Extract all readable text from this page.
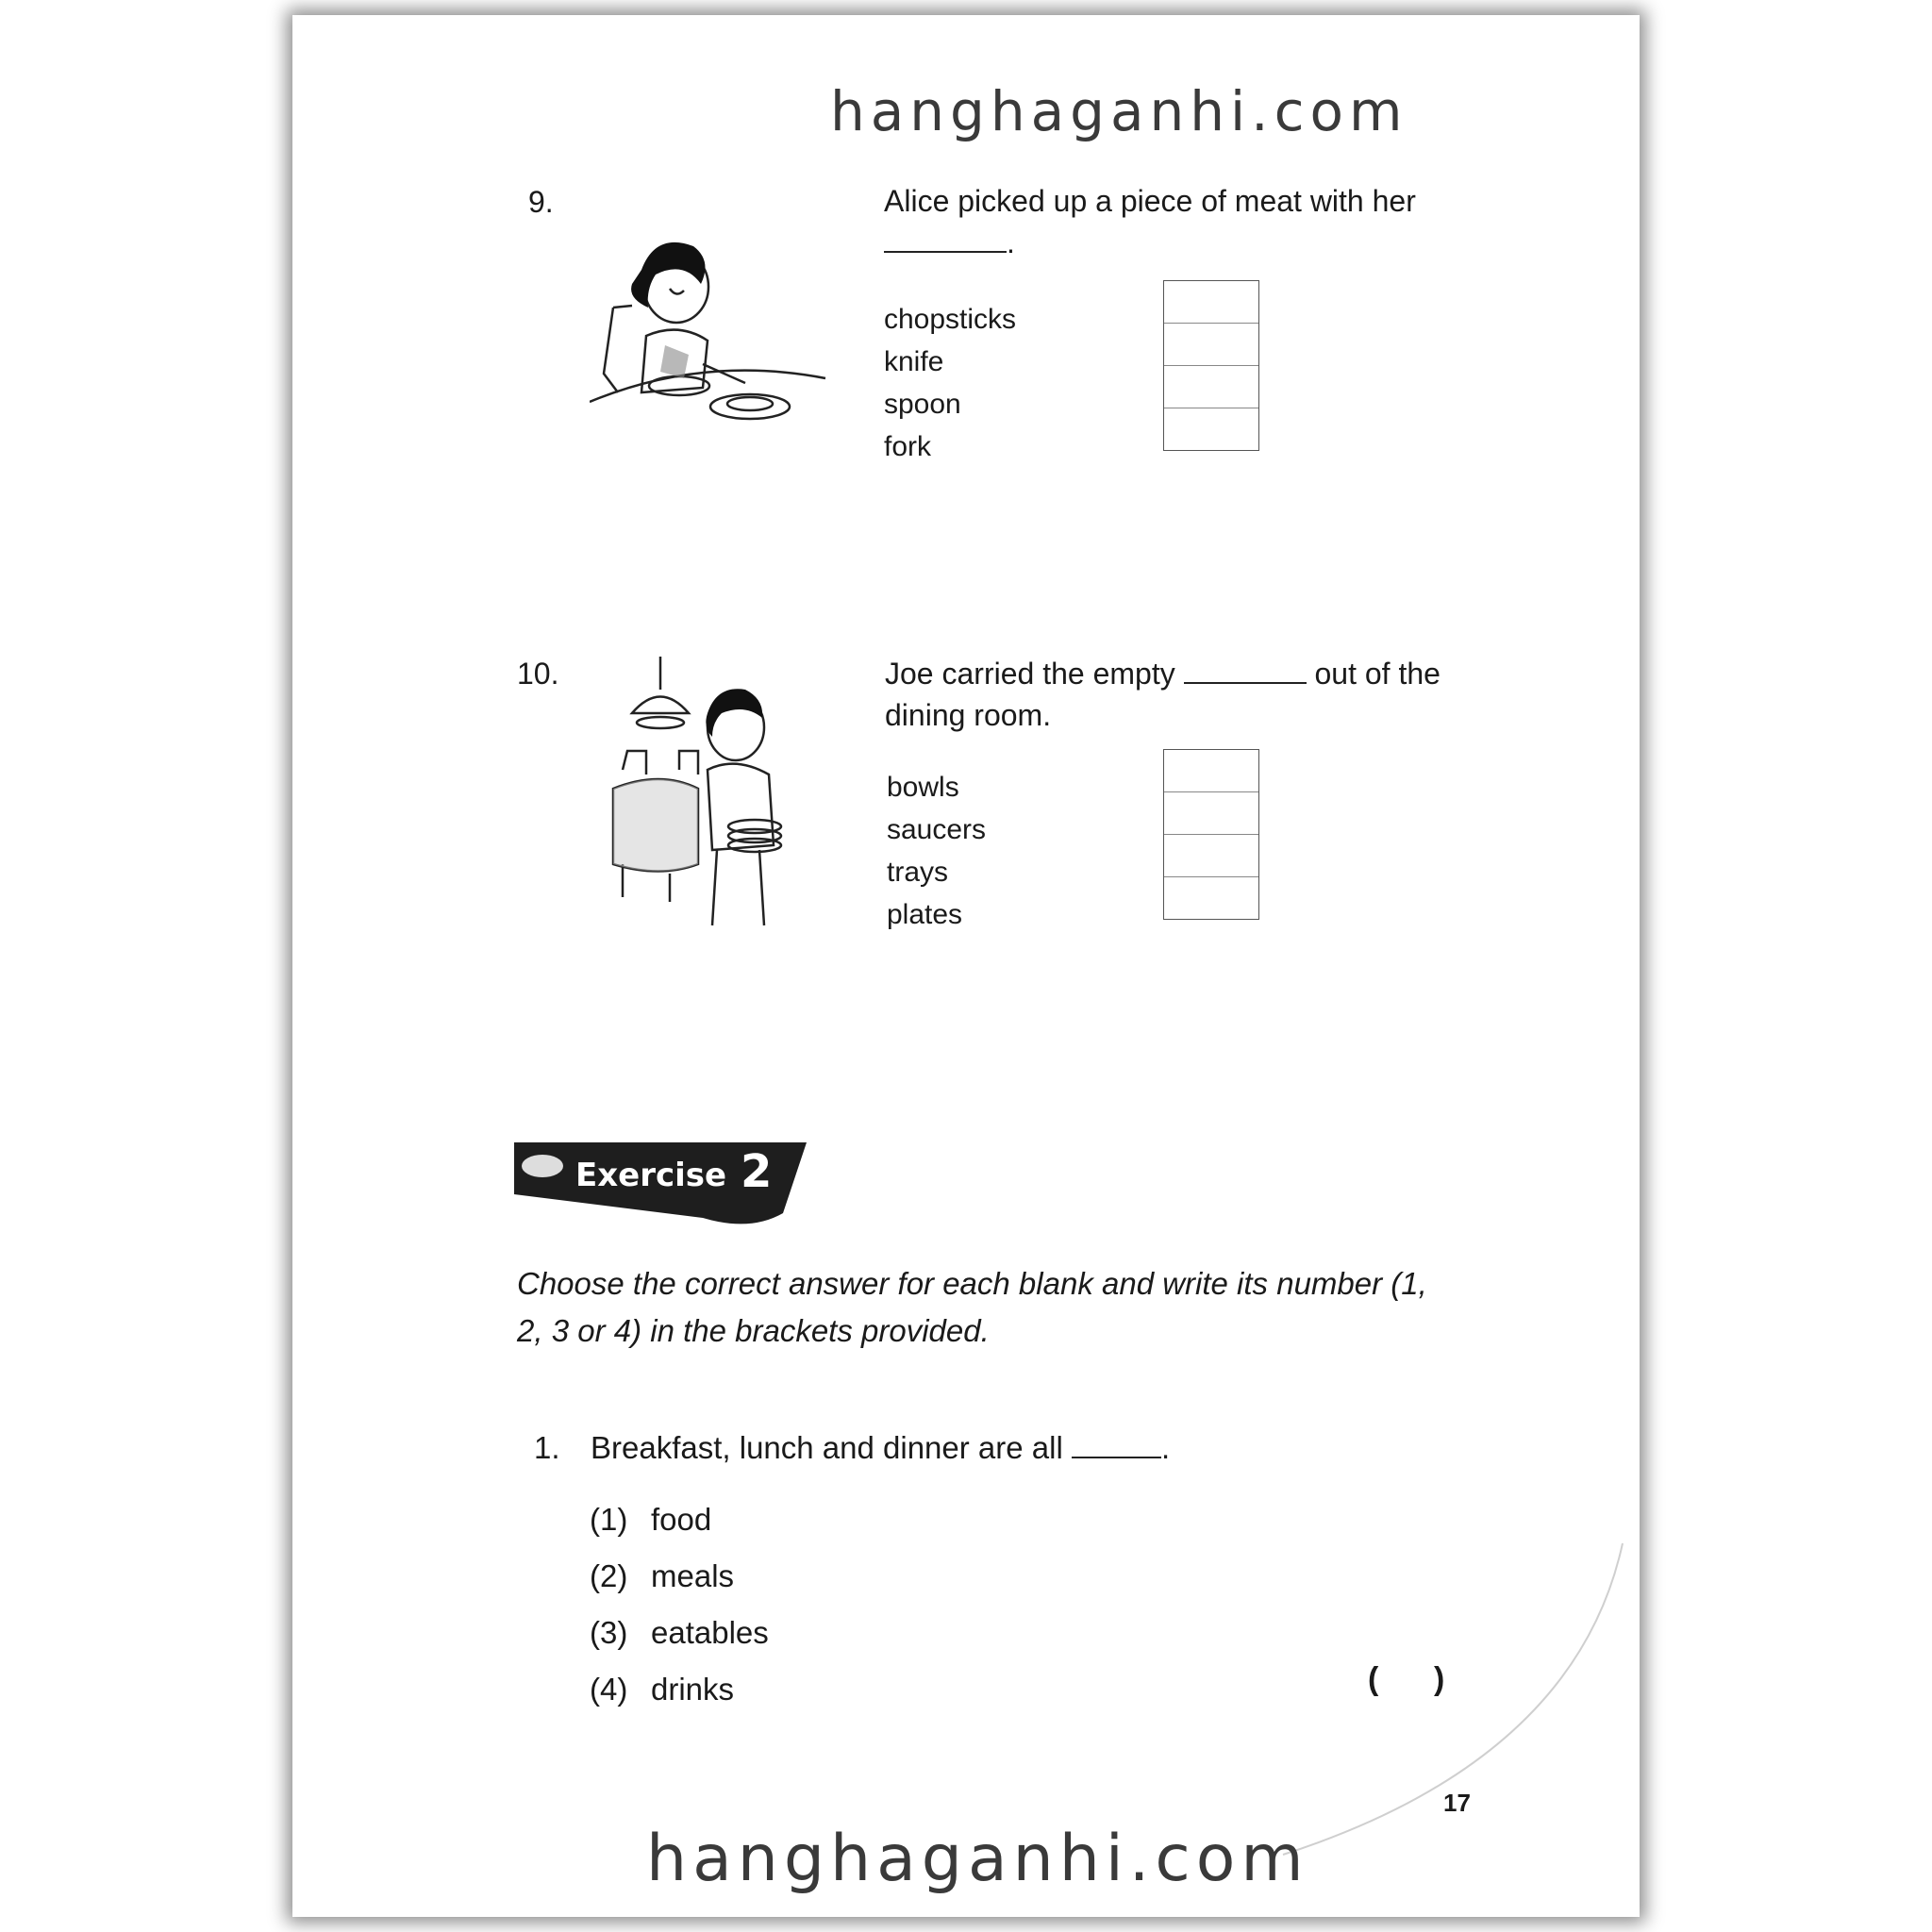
hanghaganhi.com
9.	Alice picked up a piece of meat with her
.
chopsticks
knife
spoon
fork
10.	Joe carried the empty	out of the dining room.
bowls
saucers
trays
plates
Exercise 2
Choose the correct answer for each blank and write its number (1, 2, 3 or 4) in the brackets provided.
1. Breakfast, lunch and dinner are all	.
(1) food
(2) meals
(3) eatables
(4) drinks	( )
17
hanghaganhi.com
